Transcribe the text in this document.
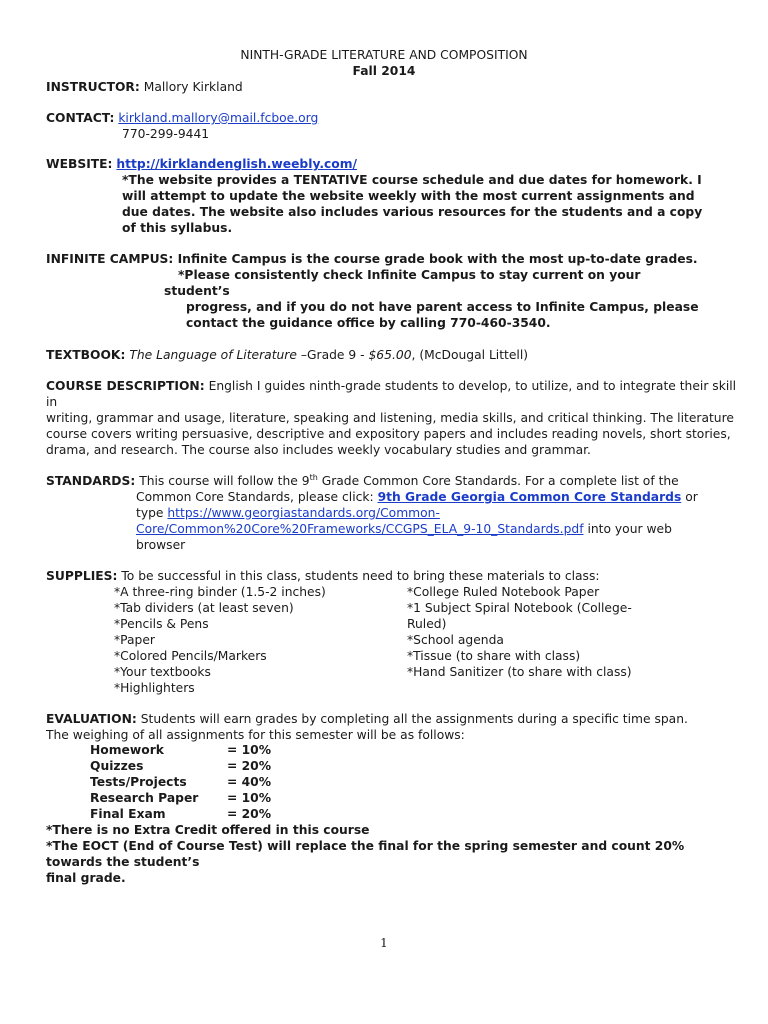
NINTH-GRADE LITERATURE AND COMPOSITION
Fall 2014
INSTRUCTOR: Mallory Kirkland
CONTACT: kirkland.mallory@mail.fcboe.org
770-299-9441
WEBSITE: http://kirklandenglish.weebly.com/
*The website provides a TENTATIVE course schedule and due dates for homework. I
will attempt to update the website weekly with the most current assignments and
due dates. The website also includes various resources for the students and a copy
of this syllabus.
INFINITE CAMPUS: Infinite Campus is the course grade book with the most up-to-date grades.
*Please consistently check Infinite Campus to stay current on your
student’s
progress, and if you do not have parent access to Infinite Campus, please
contact the guidance office by calling 770-460-3540.
TEXTBOOK: The Language of Literature –Grade 9 - $65.00, (McDougal Littell)
COURSE DESCRIPTION: English I guides ninth-grade students to develop, to utilize, and to integrate their skill
in
writing, grammar and usage, literature, speaking and listening, media skills, and critical thinking. The literature
course covers writing persuasive, descriptive and expository papers and includes reading novels, short stories,
drama, and research. The course also includes weekly vocabulary studies and grammar.
STANDARDS: This course will follow the 9th Grade Common Core Standards. For a complete list of the
Common Core Standards, please click: 9th Grade Georgia Common Core Standards or
type https://www.georgiastandards.org/Common-
Core/Common%20Core%20Frameworks/CCGPS_ELA_9-10_Standards.pdf into your web
browser
SUPPLIES: To be successful in this class, students need to bring these materials to class:
*A three-ring binder (1.5-2 inches)
*Tab dividers (at least seven)
*Pencils & Pens
*Paper
*Colored Pencils/Markers
*Your textbooks
*Highlighters
*College Ruled Notebook Paper
*1 Subject Spiral Notebook (College-
Ruled)
*School agenda
*Tissue (to share with class)
*Hand Sanitizer (to share with class)
EVALUATION: Students will earn grades by completing all the assignments during a specific time span.
The weighing of all assignments for this semester will be as follows:
Homework	= 10%
Quizzes	= 20%
Tests/Projects	= 40%
Research Paper = 10%
Final Exam	= 20%
*There is no Extra Credit offered in this course
*The EOCT (End of Course Test) will replace the final for the spring semester and count 20%
towards the student’s
final grade.
1
